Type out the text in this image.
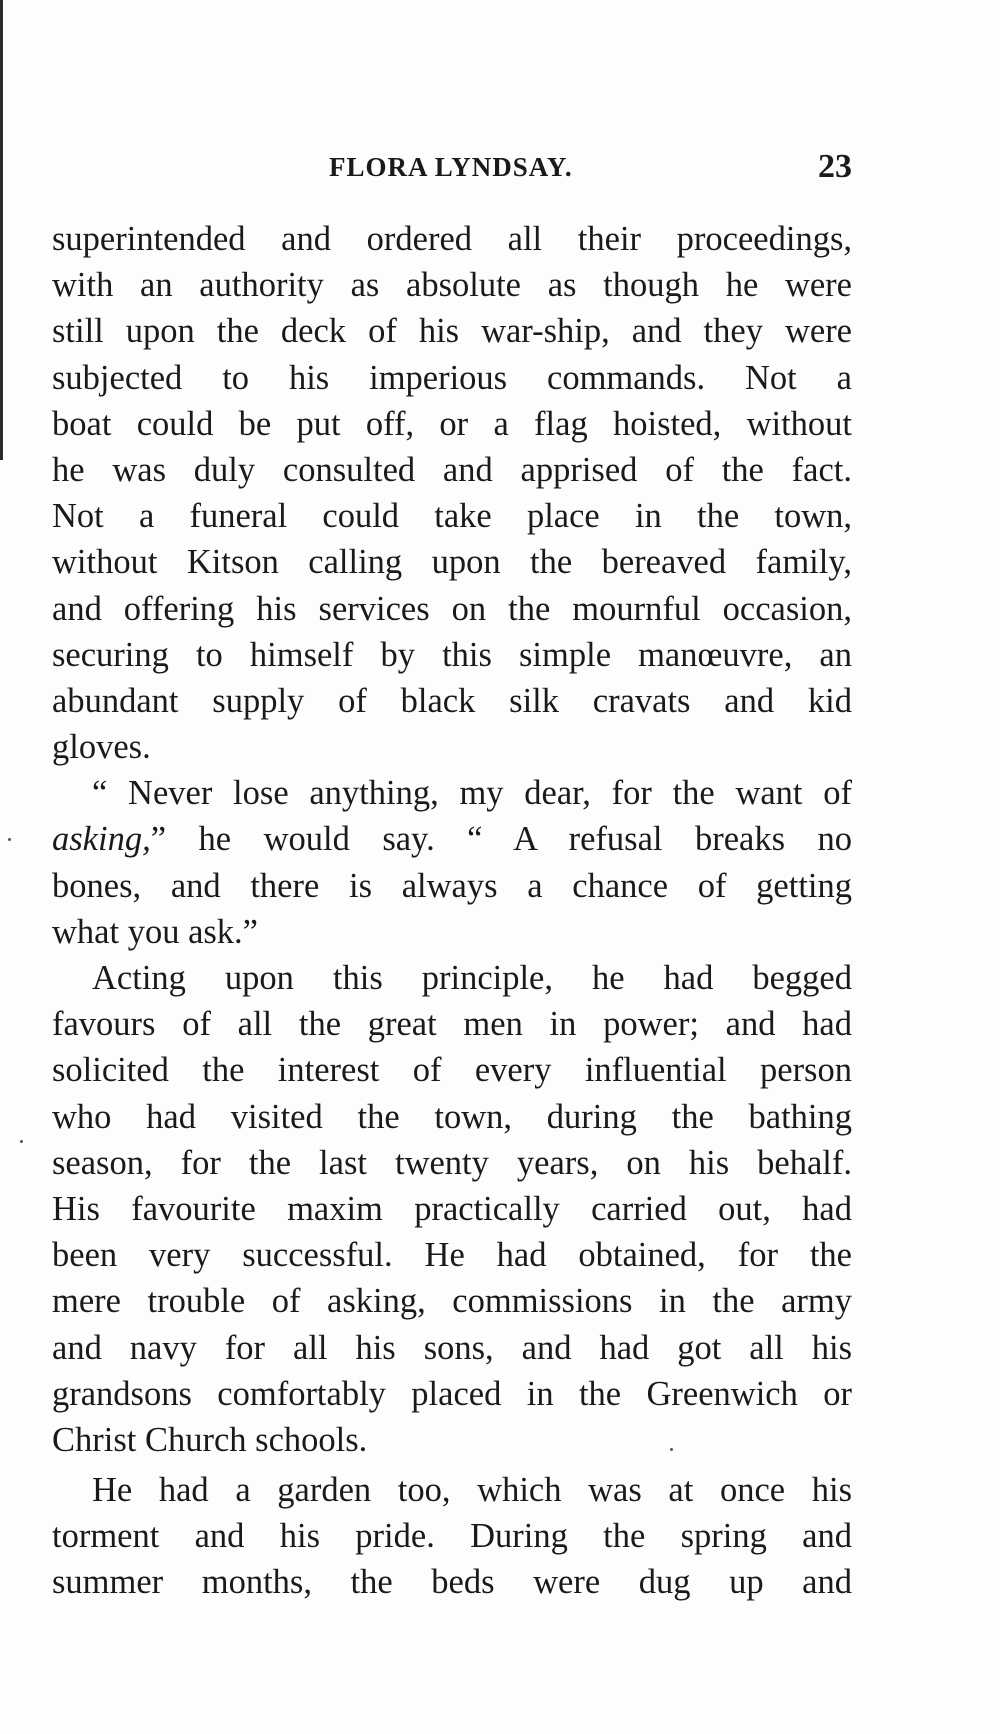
FLORA LYNDSAY.	23
superintended and ordered all their proceedings,
with an authority as absolute as though he were
still upon the deck of his war-ship, and they were
subjected to his imperious commands. Not a
boat could be put off, or a flag hoisted, without
he was duly consulted and apprised of the fact.
Not a funeral could take place in the town,
without Kitson calling upon the bereaved family,
and offering his services on the mournful occasion,
securing to himself by this simple manœuvre, an
abundant supply of black silk cravats and kid
gloves.
“ Never lose anything, my dear, for the want of
asking,” he would say. “ A refusal breaks no
bones, and there is always a chance of getting
what you ask.”
Acting upon this principle, he had begged
favours of all the great men in power; and had
solicited the interest of every influential person
who had visited the town, during the bathing
season, for the last twenty years, on his behalf.
His favourite maxim practically carried out, had
been very successful. He had obtained, for the
mere trouble of asking, commissions in the army
and navy for all his sons, and had got all his
grandsons comfortably placed in the Greenwich or
Christ Church schools.
He had a garden too, which was at once his
torment and his pride. During the spring and
summer months, the beds were dug up and
